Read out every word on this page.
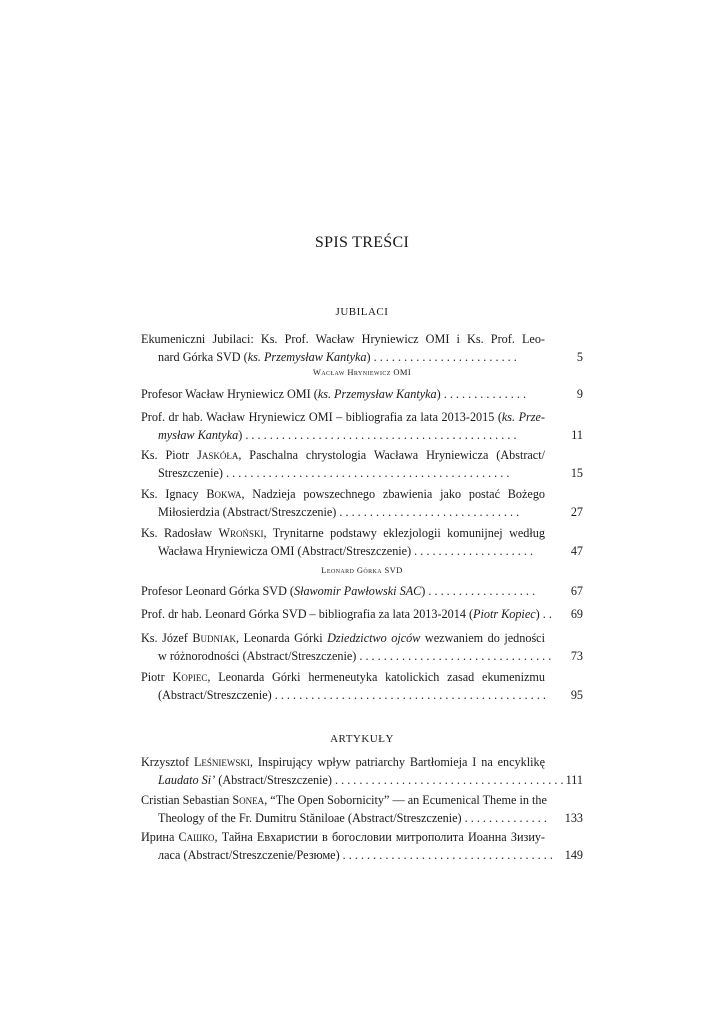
SPIS TREŚCI
JUBILACI
Ekumeniczni Jubilaci: Ks. Prof. Wacław Hryniewicz OMI i Ks. Prof. Leo-
nard Górka SVD (ks. Przemysław Kantyka) . . . . . . . . . . . . . . . . . . . . . . . .	5
Wacław Hryniewicz OMI
Profesor Wacław Hryniewicz OMI (ks. Przemysław Kantyka) . . . . . . . . . . . . . .	9
Prof. dr hab. Wacław Hryniewicz OMI – bibliografia za lata 2013-2015 (ks. Prze-
mysław Kantyka) . . . . . . . . . . . . . . . . . . . . . . . . . . . . . . . . . . . . . . . . . . . . .	11
Ks. Piotr Jaskóła, Paschalna chrystologia Wacława Hryniewicza (Abstract/
Streszczenie) . . . . . . . . . . . . . . . . . . . . . . . . . . . . . . . . . . . . . . . . . . . . . . .	15
Ks. Ignacy Bokwa, Nadzieja powszechnego zbawienia jako postać Bożego
Miłosierdzia (Abstract/Streszczenie) . . . . . . . . . . . . . . . . . . . . . . . . . . . . . .	27
Ks. Radosław Wroński, Trynitarne podstawy eklezjologii komunijnej według
Wacława Hryniewicza OMI (Abstract/Streszczenie) . . . . . . . . . . . . . . . . . . . .	47
Leonard Górka SVD
Profesor Leonard Górka SVD (Sławomir Pawłowski SAC) . . . . . . . . . . . . . . . . . .	67
Prof. dr hab. Leonard Górka SVD – bibliografia za lata 2013-2014 (Piotr Kopiec) . .	69
Ks. Józef Budniak, Leonarda Górki Dziedzictwo ojców wezwaniem do jedności
w różnorodności (Abstract/Streszczenie) . . . . . . . . . . . . . . . . . . . . . . . . . . . . . . . .	73
Piotr Kopiec, Leonarda Górki hermeneutyka katolickich zasad ekumenizmu
(Abstract/Streszczenie) . . . . . . . . . . . . . . . . . . . . . . . . . . . . . . . . . . . . . . . . . . . . .	95
ARTYKUŁY
Krzysztof Leśniewski, Inspirujący wpływ patriarchy Bartłomieja I na encyklikę
Laudato Si’ (Abstract/Streszczenie) . . . . . . . . . . . . . . . . . . . . . . . . . . . . . . . . . . . . . . 111
Cristian Sebastian Sonea, “The Open Sobornicity” — an Ecumenical Theme in the
Theology of the Fr. Dumitru Stăniloae (Abstract/Streszczenie) . . . . . . . . . . . . . .	133
Ирина Сашко, Тайна Евхаристии в богословии митрополита Иоанна Зизиу-
ласа (Abstract/Streszczenie/Резюме) . . . . . . . . . . . . . . . . . . . . . . . . . . . . . . . . . . . 149
